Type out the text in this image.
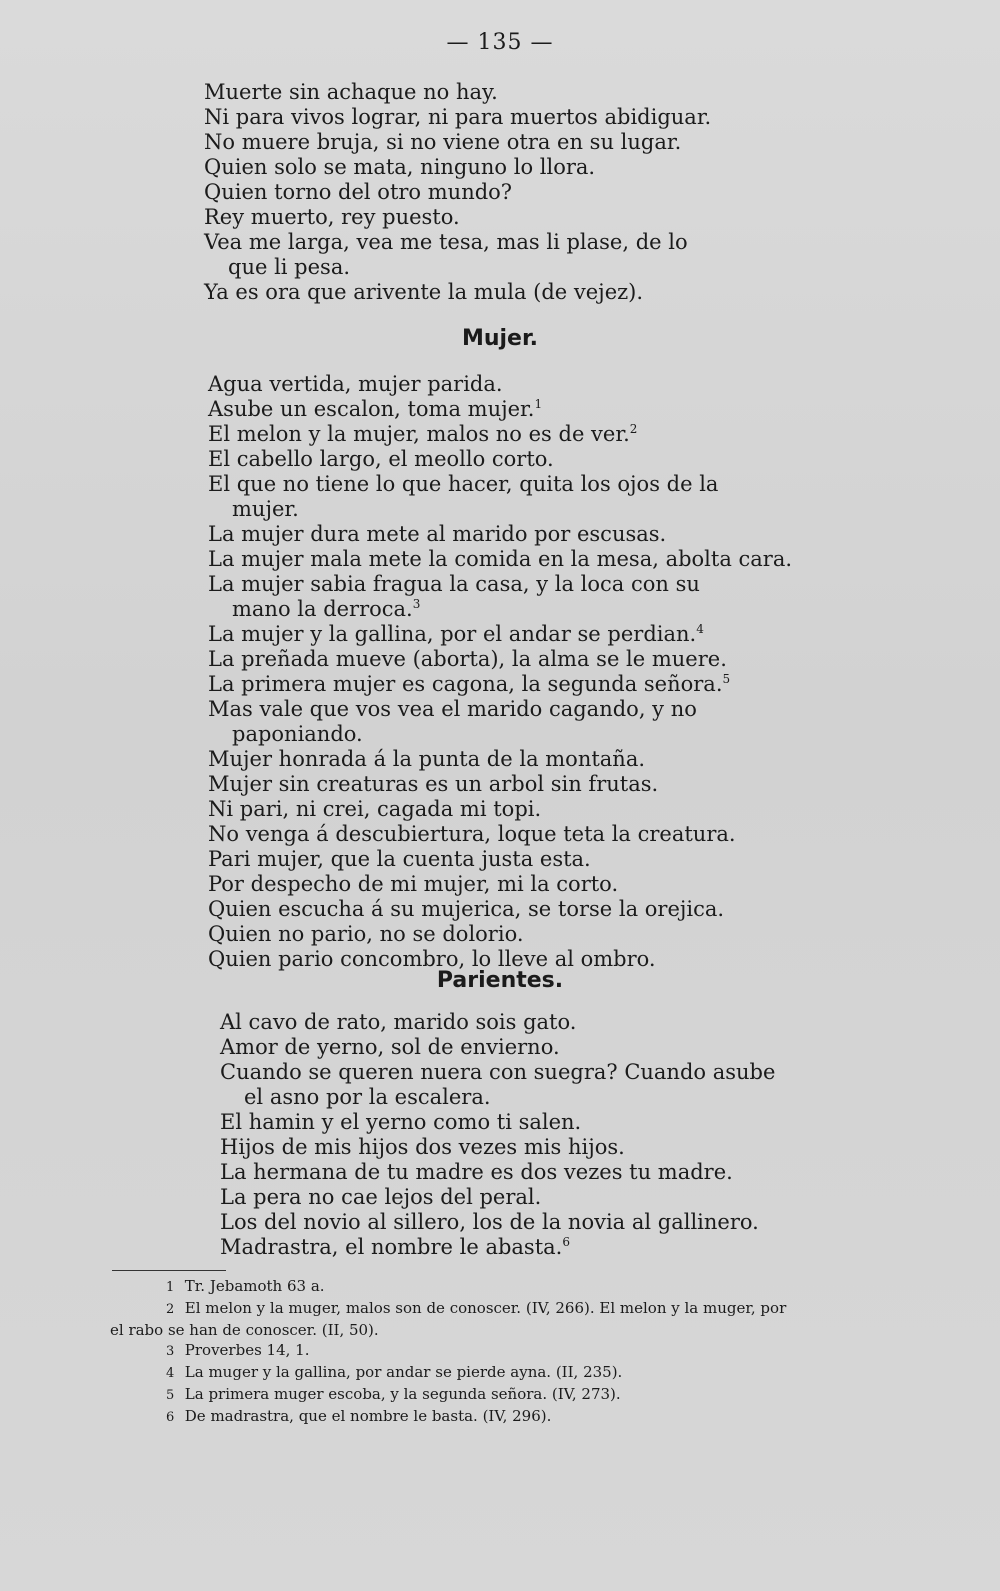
— 135 —
Muerte sin achaque no hay.
Ni para vivos lograr, ni para muertos abidiguar.
No muere bruja, si no viene otra en su lugar.
Quien solo se mata, ninguno lo llora.
Quien torno del otro mundo?
Rey muerto, rey puesto.
Vea me larga, vea me tesa, mas li plase, de lo
que li pesa.
Ya es ora que arivente la mula (de vejez).
Mujer.
Agua vertida, mujer parida.
Asube un escalon, toma mujer.$^1$
El melon y la mujer, malos no es de ver.$^2$
El cabello largo, el meollo corto.
El que no tiene lo que hacer, quita los ojos de la
mujer.
La mujer dura mete al marido por escusas.
La mujer mala mete la comida en la mesa, abolta cara.
La mujer sabia fragua la casa, y la loca con su
mano la derroca.$^3$
La mujer y la gallina, por el andar se perdian.$^4$
La preñada mueve (aborta), la alma se le muere.
La primera mujer es cagona, la segunda señora.$^5$
Mas vale que vos vea el marido cagando, y no
paponiando.
Mujer honrada á la punta de la montaña.
Mujer sin creaturas es un arbol sin frutas.
Ni pari, ni crei, cagada mi topi.
No venga á descubiertura, loque teta la creatura.
Pari mujer, que la cuenta justa esta.
Por despecho de mi mujer, mi la corto.
Quien escucha á su mujerica, se torse la orejica.
Quien no pario, no se dolorio.
Quien pario concombro, lo lleve al ombro.
Parientes.
Al cavo de rato, marido sois gato.
Amor de yerno, sol de envierno.
Cuando se queren nuera con suegra? Cuando asube
el asno por la escalera.
El hamin y el yerno como ti salen.
Hijos de mis hijos dos vezes mis hijos.
La hermana de tu madre es dos vezes tu madre.
La pera no cae lejos del peral.
Los del novio al sillero, los de la novia al gallinero.
Madrastra, el nombre le abasta.$^6$
1 Tr. Jebamoth 63 a.
2 El melon y la muger, malos son de conoscer. (IV, 266). El melon y la muger, por
el rabo se han de conoscer. (II, 50).
3 Proverbes 14, 1.
4 La muger y la gallina, por andar se pierde ayna. (II, 235).
5 La primera muger escoba, y la segunda señora. (IV, 273).
6 De madrastra, que el nombre le basta. (IV, 296).
